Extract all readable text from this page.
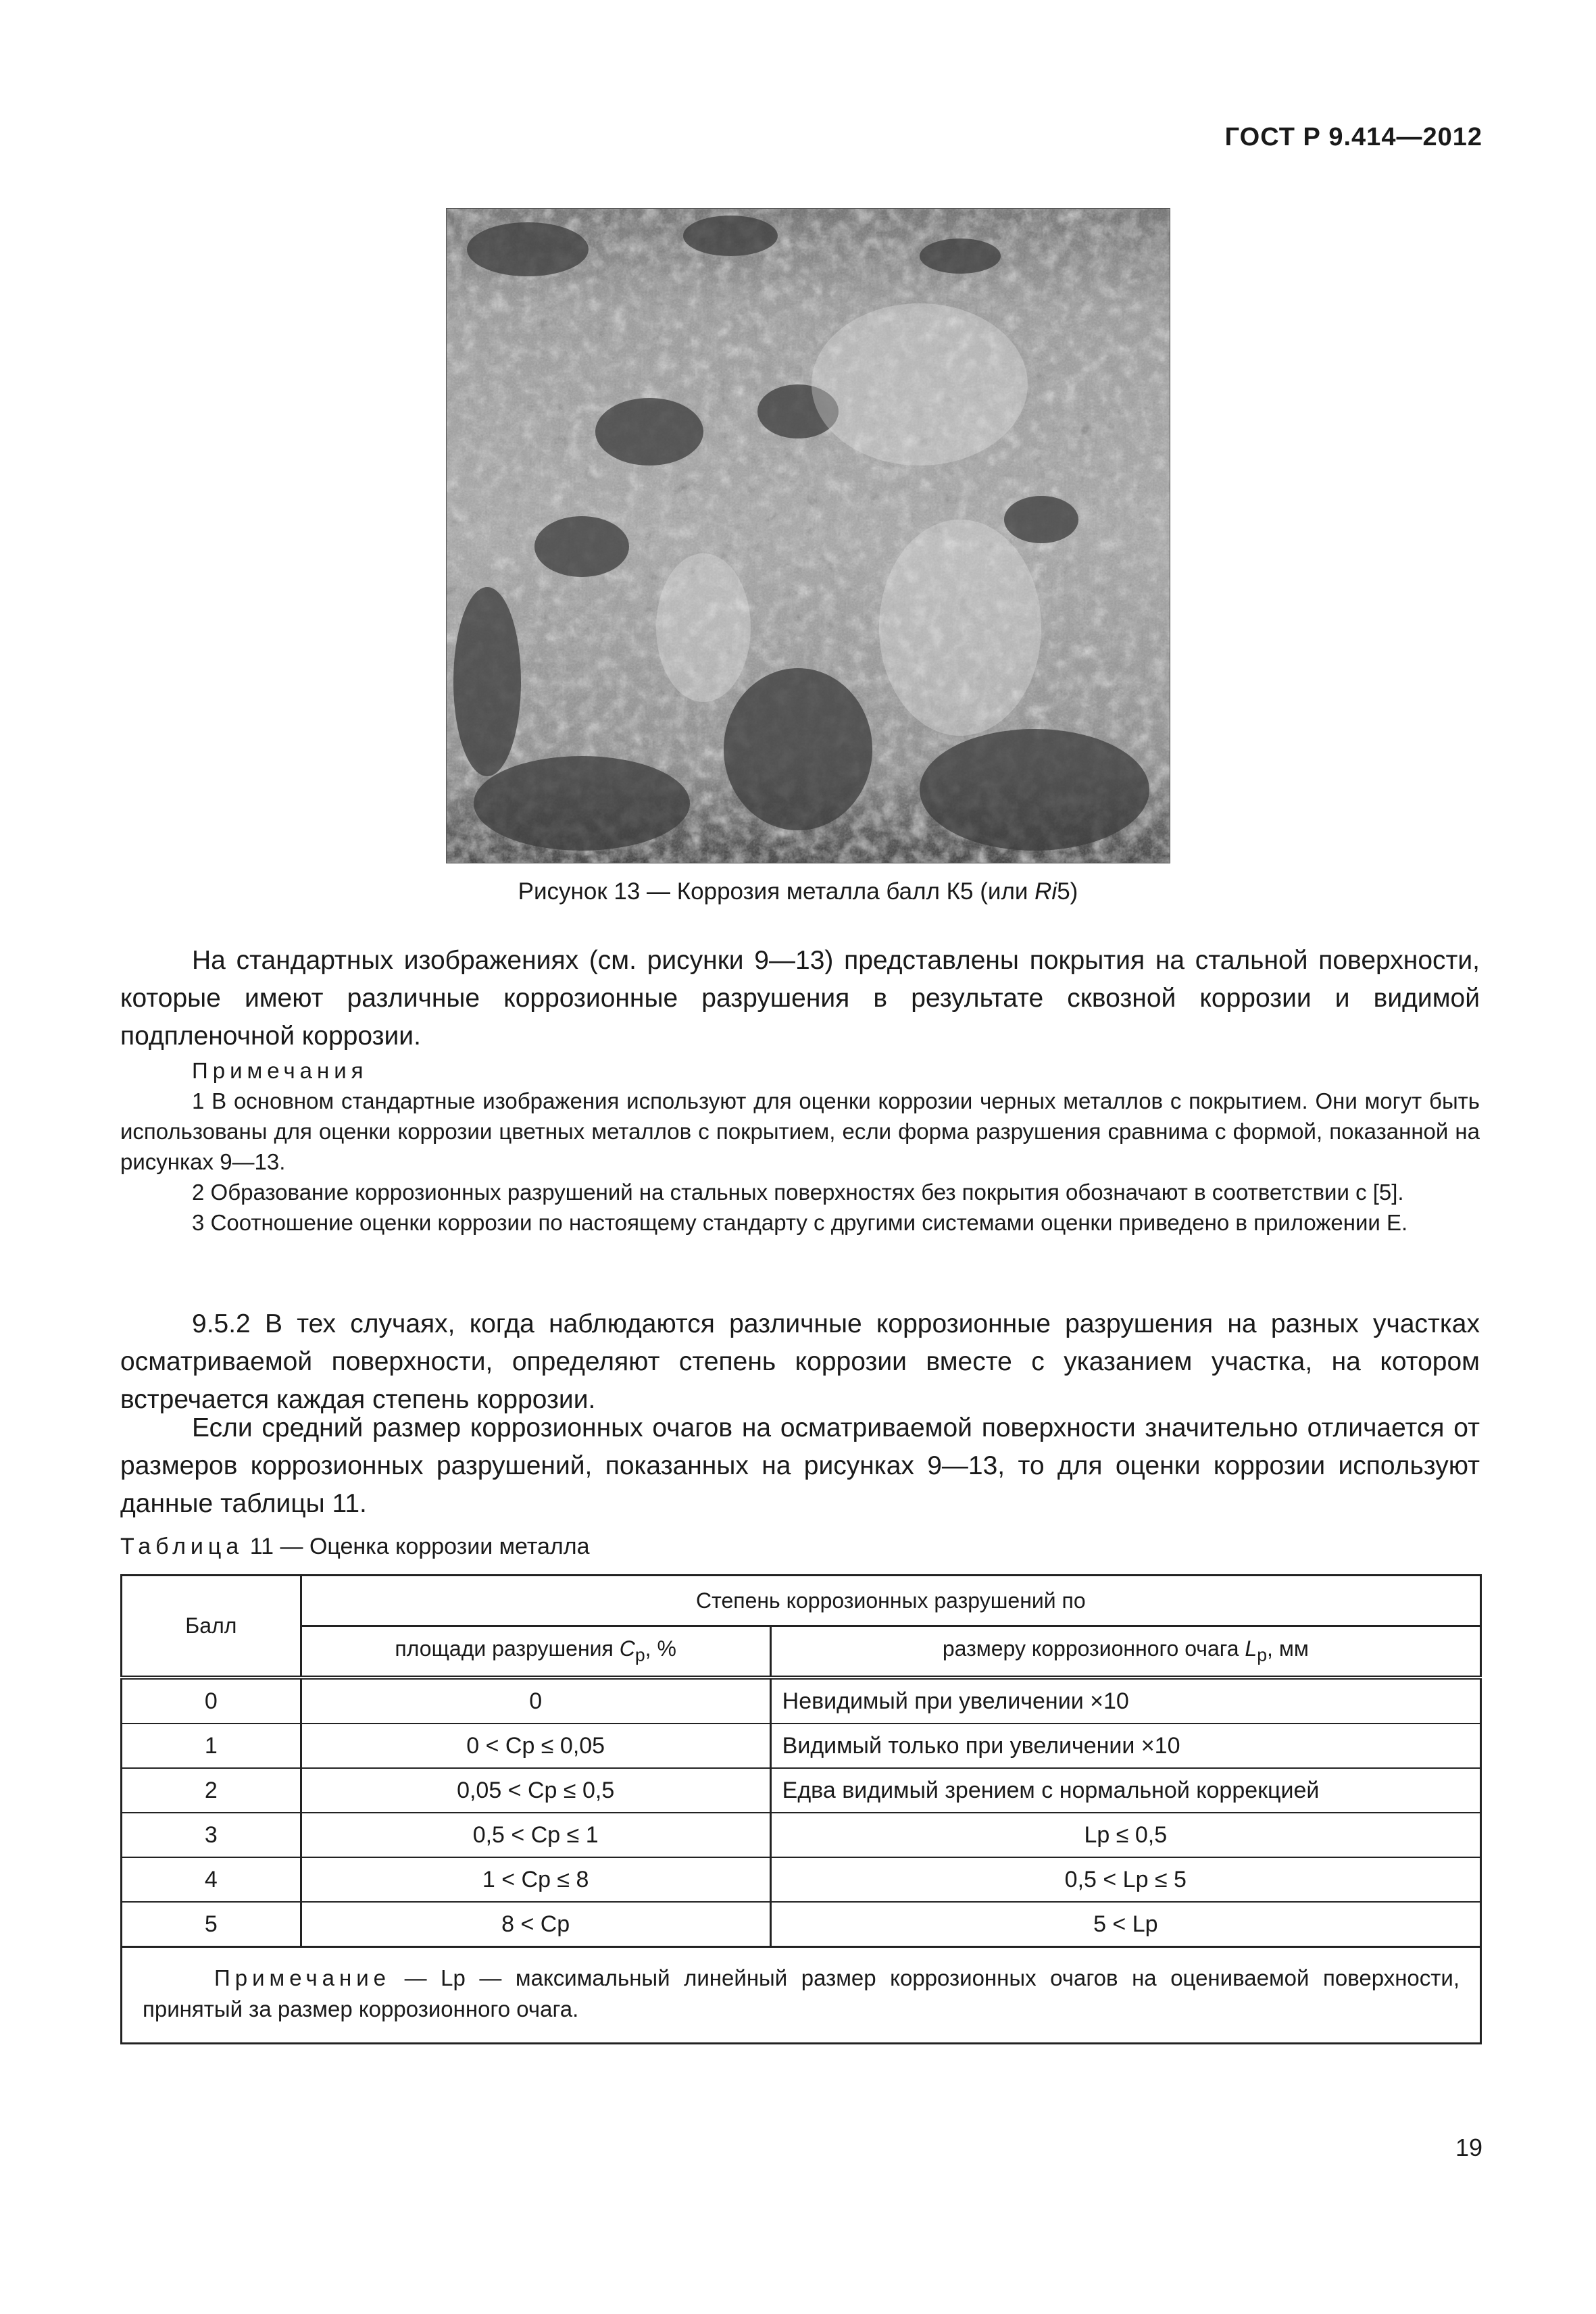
ГОСТ Р 9.414—2012
Рисунок 13 — Коррозия металла балл К5 (или Ri5)
На стандартных изображениях (см. рисунки 9—13) представлены покрытия на стальной поверхности, которые имеют различные коррозионные разрушения в результате сквозной коррозии и видимой подпленочной коррозии.

Примечания

1 В основном стандартные изображения используют для оценки коррозии черных металлов с покрытием. Они могут быть использованы для оценки коррозии цветных металлов с покрытием, если форма разрушения сравнима с формой, показанной на рисунках 9—13.

2 Образование коррозионных разрушений на стальных поверхностях без покрытия обозначают в соответствии с [5].

3 Соотношение оценки коррозии по настоящему стандарту с другими системами оценки приведено в приложении Е.

9.5.2 В тех случаях, когда наблюдаются различные коррозионные разрушения на разных участках осматриваемой поверхности, определяют степень коррозии вместе с указанием участка, на котором встречается каждая степень коррозии.
Если средний размер коррозионных очагов на осматриваемой поверхности значительно отличается от размеров коррозионных разрушений, показанных на рисунках 9—13, то для оценки коррозии используют данные таблицы 11.
Таблица 11 — Оценка коррозии металла
Балл	Степень коррозионных разрушений по	
	площади разрушения $C_p$, %	размеру коррозионного очага $L_p$, мм
0	0	Невидимый при увеличении ×10
1	0 < Cр ≤ 0,05	Видимый только при увеличении ×10
2	0,05 < Cр ≤ 0,5	Едва видимый зрением с нормальной коррекцией
3	0,5 < Cр ≤ 1	Lр ≤ 0,5
4	1 < Cр ≤ 8	0,5 < Lр ≤ 5
5	8 < Cр	5 < Lр
Примечание — Lр — максимальный линейный размер коррозионных очагов на оцениваемой поверхности, принятый за размер коррозионного очага.		
19
